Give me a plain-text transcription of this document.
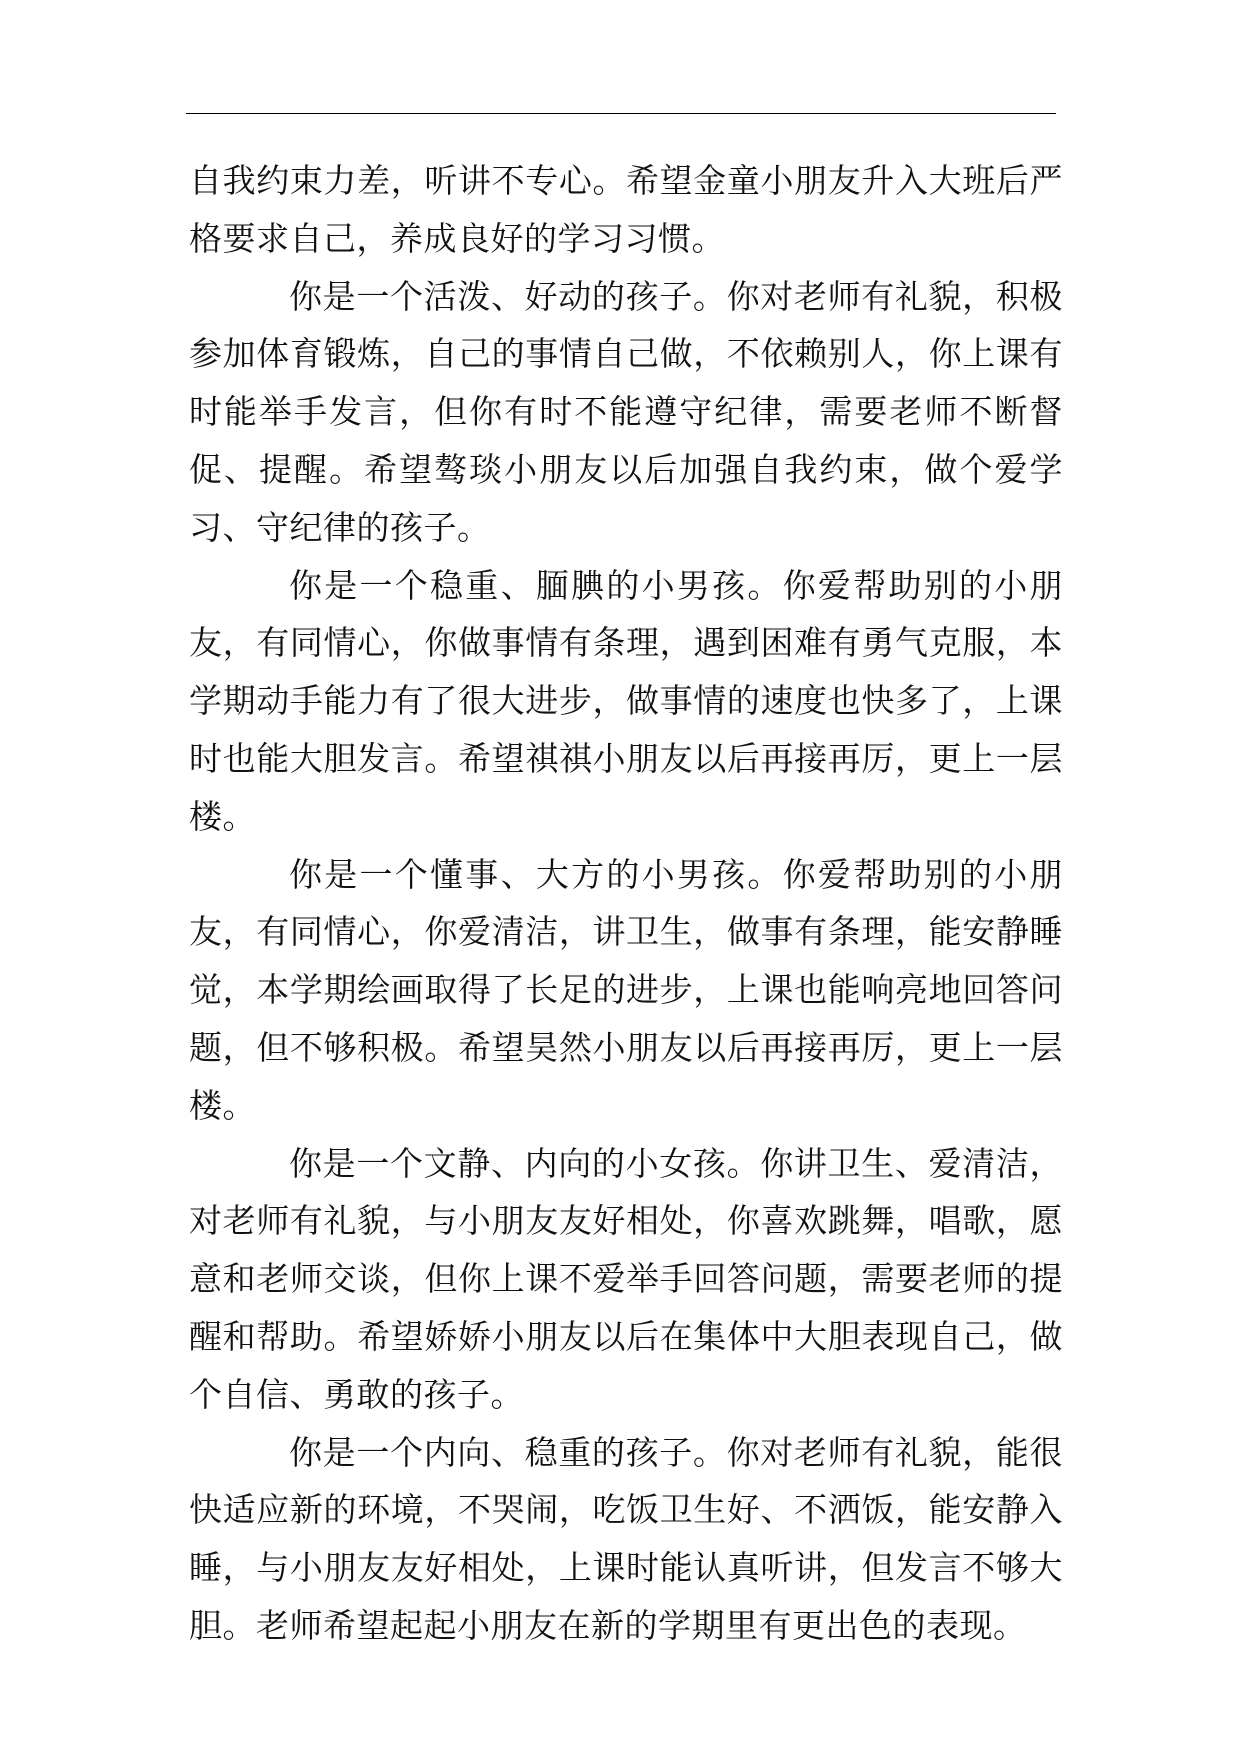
自我约束力差，听讲不专心。希望金童小朋友升入大班后严格要求自己，养成良好的学习习惯。

你是一个活泼、好动的孩子。你对老师有礼貌，积极参加体育锻炼，自己的事情自己做，不依赖别人，你上课有时能举手发言，但你有时不能遵守纪律，需要老师不断督促、提醒。希望骜琰小朋友以后加强自我约束，做个爱学习、守纪律的孩子。

你是一个稳重、腼腆的小男孩。你爱帮助别的小朋友，有同情心，你做事情有条理，遇到困难有勇气克服，本学期动手能力有了很大进步，做事情的速度也快多了，上课时也能大胆发言。希望祺祺小朋友以后再接再厉，更上一层楼。

你是一个懂事、大方的小男孩。你爱帮助别的小朋友，有同情心，你爱清洁，讲卫生，做事有条理，能安静睡觉，本学期绘画取得了长足的进步，上课也能响亮地回答问题，但不够积极。希望昊然小朋友以后再接再厉，更上一层楼。

你是一个文静、内向的小女孩。你讲卫生、爱清洁，对老师有礼貌，与小朋友友好相处，你喜欢跳舞，唱歌，愿意和老师交谈，但你上课不爱举手回答问题，需要老师的提醒和帮助。希望娇娇小朋友以后在集体中大胆表现自己，做个自信、勇敢的孩子。

你是一个内向、稳重的孩子。你对老师有礼貌，能很快适应新的环境，不哭闹，吃饭卫生好、不洒饭，能安静入睡，与小朋友友好相处，上课时能认真听讲，但发言不够大胆。老师希望起起小朋友在新的学期里有更出色的表现。
